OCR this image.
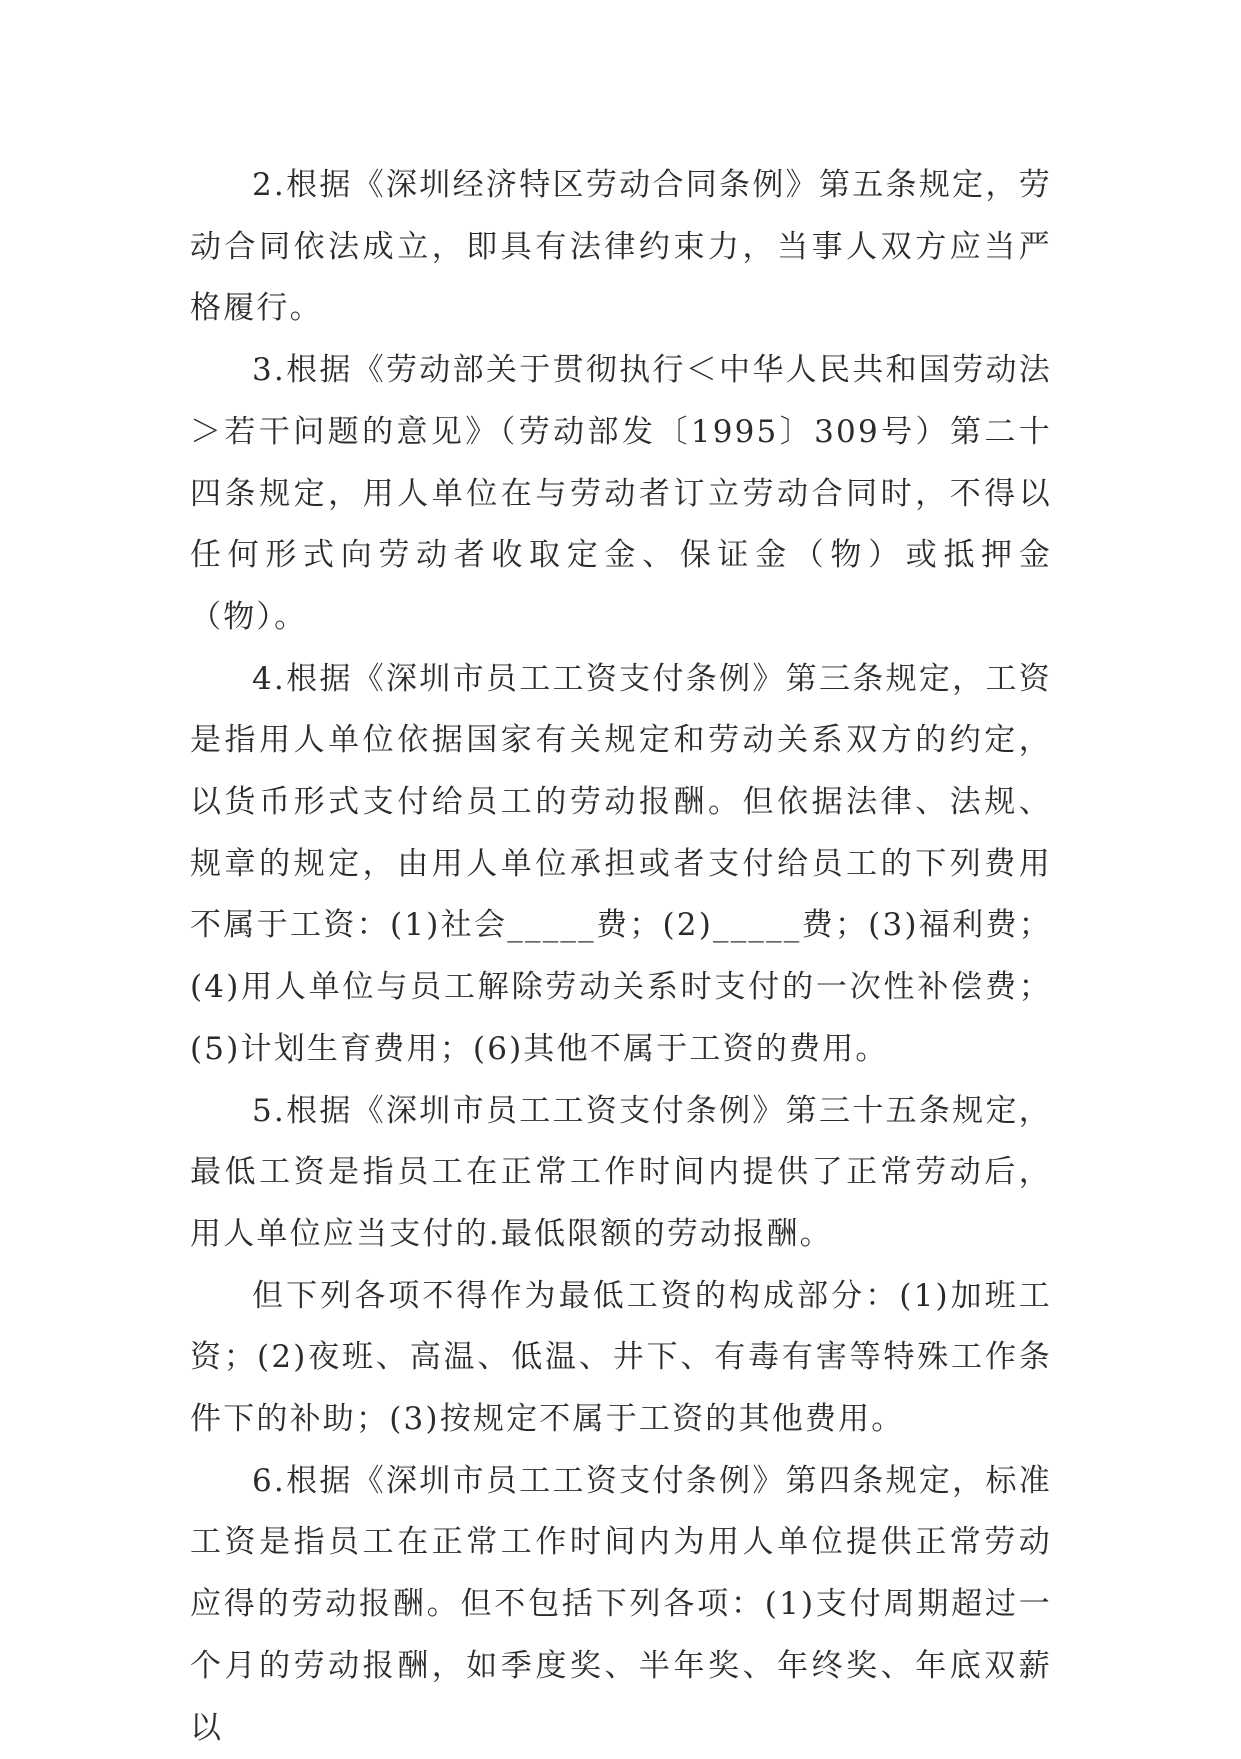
2.根据《深圳经济特区劳动合同条例》第五条规定，劳动合同依法成立，即具有法律约束力，当事人双方应当严格履行。

3.根据《劳动部关于贯彻执行＜中华人民共和国劳动法＞若干问题的意见》（劳动部发〔1995〕309号）第二十四条规定，用人单位在与劳动者订立劳动合同时，不得以任何形式向劳动者收取定金、保证金（物）或抵押金（物）。

4.根据《深圳市员工工资支付条例》第三条规定，工资是指用人单位依据国家有关规定和劳动关系双方的约定，以货币形式支付给员工的劳动报酬。但依据法律、法规、规章的规定，由用人单位承担或者支付给员工的下列费用不属于工资：(1)社会_____费；(2)_____费；(3)福利费；(4)用人单位与员工解除劳动关系时支付的一次性补偿费；(5)计划生育费用；(6)其他不属于工资的费用。

5.根据《深圳市员工工资支付条例》第三十五条规定，最低工资是指员工在正常工作时间内提供了正常劳动后，用人单位应当支付的.最低限额的劳动报酬。

但下列各项不得作为最低工资的构成部分：(1)加班工资；(2)夜班、高温、低温、井下、有毒有害等特殊工作条件下的补助；(3)按规定不属于工资的其他费用。

6.根据《深圳市员工工资支付条例》第四条规定，标准工资是指员工在正常工作时间内为用人单位提供正常劳动应得的劳动报酬。但不包括下列各项：(1)支付周期超过一个月的劳动报酬，如季度奖、半年奖、年终奖、年底双薪以
